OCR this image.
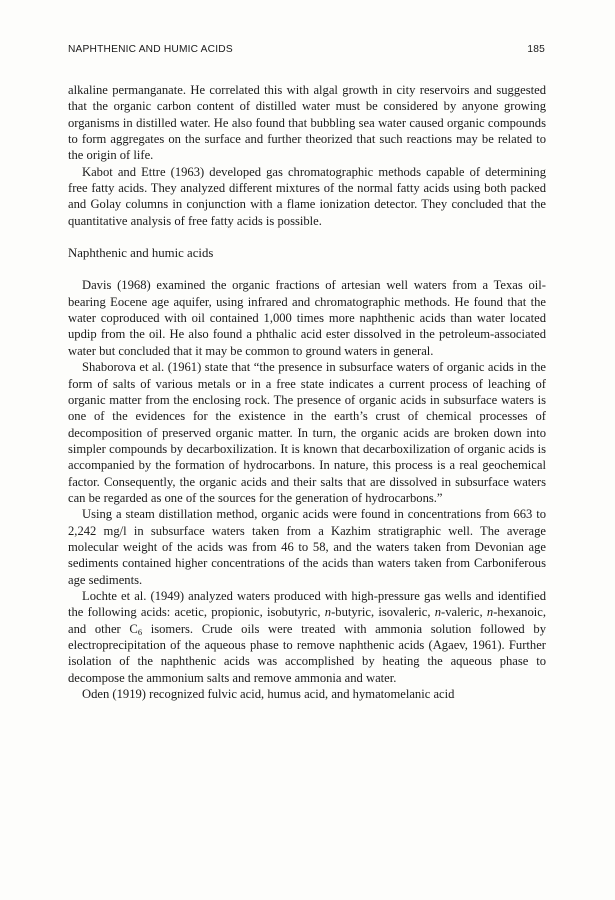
NAPHTHENIC AND HUMIC ACIDS	185

alkaline permanganate. He correlated this with algal growth in city reservoirs and suggested that the organic carbon content of distilled water must be considered by anyone growing organisms in distilled water. He also found that bubbling sea water caused organic compounds to form aggregates on the surface and further theorized that such reactions may be related to the origin of life.

Kabot and Ettre (1963) developed gas chromatographic methods capable of determining free fatty acids. They analyzed different mixtures of the normal fatty acids using both packed and Golay columns in conjunction with a flame ionization detector. They concluded that the quantitative analysis of free fatty acids is possible.

Naphthenic and humic acids

Davis (1968) examined the organic fractions of artesian well waters from a Texas oil-bearing Eocene age aquifer, using infrared and chromatographic methods. He found that the water coproduced with oil contained 1,000 times more naphthenic acids than water located updip from the oil. He also found a phthalic acid ester dissolved in the petroleum-associated water but concluded that it may be common to ground waters in general.

Shaborova et al. (1961) state that “the presence in subsurface waters of organic acids in the form of salts of various metals or in a free state indicates a current process of leaching of organic matter from the enclosing rock. The presence of organic acids in subsurface waters is one of the evidences for the existence in the earth’s crust of chemical processes of decomposition of preserved organic matter. In turn, the organic acids are broken down into simpler compounds by decarboxilization. It is known that decarboxilization of organic acids is accompanied by the formation of hydrocarbons. In nature, this process is a real geochemical factor. Consequently, the organic acids and their salts that are dissolved in subsurface waters can be regarded as one of the sources for the generation of hydrocarbons.”

Using a steam distillation method, organic acids were found in concentrations from 663 to 2,242 mg/l in subsurface waters taken from a Kazhim stratigraphic well. The average molecular weight of the acids was from 46 to 58, and the waters taken from Devonian age sediments contained higher concentrations of the acids than waters taken from Carboniferous age sediments.

Lochte et al. (1949) analyzed waters produced with high-pressure gas wells and identified the following acids: acetic, propionic, isobutyric, n-butyric, isovaleric, n-valeric, n-hexanoic, and other $C_6$ isomers. Crude oils were treated with ammonia solution followed by electroprecipitation of the aqueous phase to remove naphthenic acids (Agaev, 1961). Further isolation of the naphthenic acids was accomplished by heating the aqueous phase to decompose the ammonium salts and remove ammonia and water.

Oden (1919) recognized fulvic acid, humus acid, and hymatomelanic acid
